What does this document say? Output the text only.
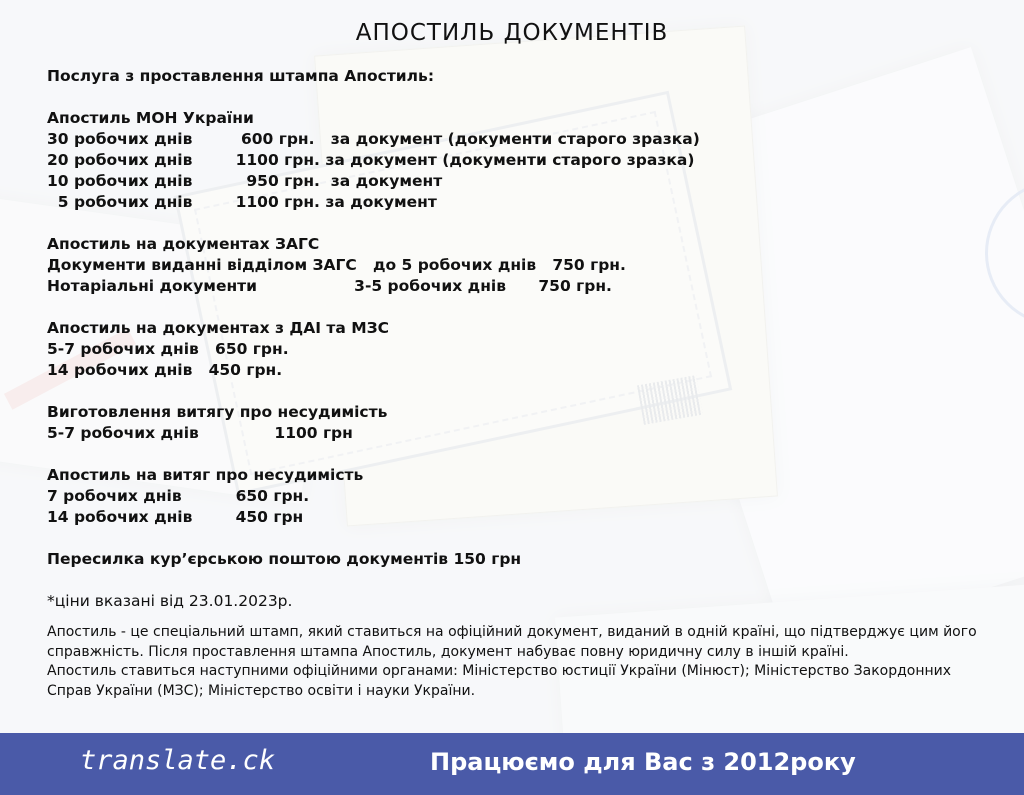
АПОСТИЛЬ ДОКУМЕНТІВ
Послуга з проставлення штампа Апостиль:
Апостиль МОН України
30 робочих днів         600 грн.   за документ (документи старого зразка)
20 робочих днів        1100 грн. за документ (документи старого зразка)
10 робочих днів          950 грн.  за документ
5 робочих днів        1100 грн. за документ
Апостиль на документах ЗАГС
Документи виданні відділом ЗАГС   до 5 робочих днів   750 грн.
Нотаріальні документи                  3-5 робочих днів      750 грн.
Апостиль на документах з ДАІ та МЗС
5-7 робочих днів   650 грн.
14 робочих днів   450 грн.
Виготовлення витягу про несудимість
5-7 робочих днів              1100 грн
Апостиль на витяг про несудимість
7 робочих днів          650 грн.
14 робочих днів        450 грн
Пересилка кур’єрською поштою документів 150 грн
*ціни вказані від 23.01.2023р.
Апостиль - це спеціальний штамп, який ставиться на офіційний документ, виданий в одній країні, що підтверджує цим його справжність. Після проставлення штампа Апостиль, документ набуває повну юридичну силу в іншій країні.
Апостиль ставиться наступними офіційними органами: Міністерство юстиції України (Мінюст); Міністерство Закордонних Справ України (МЗС); Міністерство освіти і науки України.
translate.ck	Працюємо для Вас з 2012року
